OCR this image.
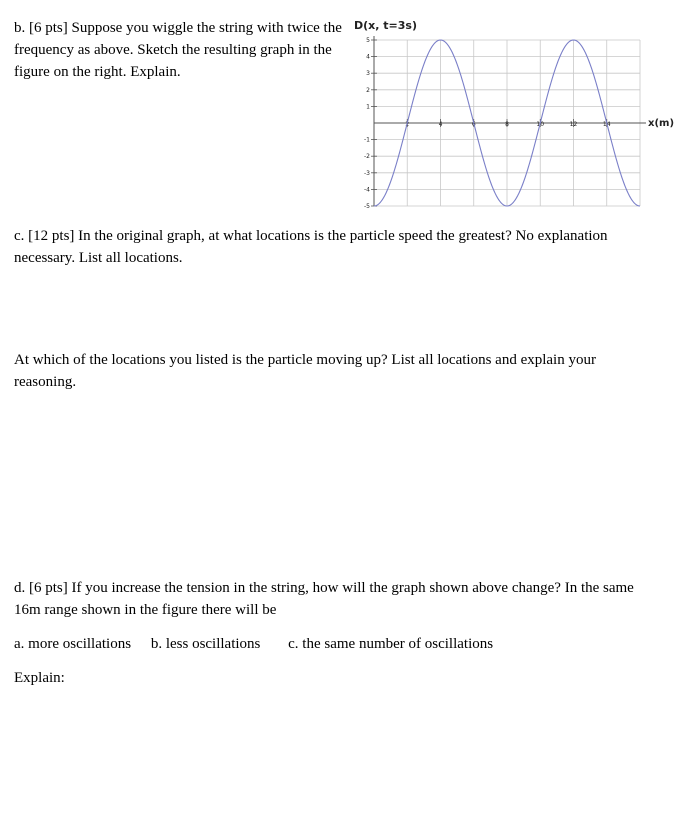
b. [6 pts] Suppose you wiggle the string with twice the frequency as above. Sketch the resulting graph in the figure on the right. Explain.

2	4	6	8	10	12	14
5
4
3
2
1
-1
-2
-3
-4
-5
D(x, t=3s)
x(m)

c. [12 pts] In the original graph, at what locations is the particle speed the greatest? No explanation necessary. List all locations.

At which of the locations you listed is the particle moving up? List all locations and explain your reasoning.

d. [6 pts] If you increase the tension in the string, how will the graph shown above change? In the same 16m range shown in the figure there will be

a. more oscillations b. less oscillations c. the same number of oscillations

Explain:
